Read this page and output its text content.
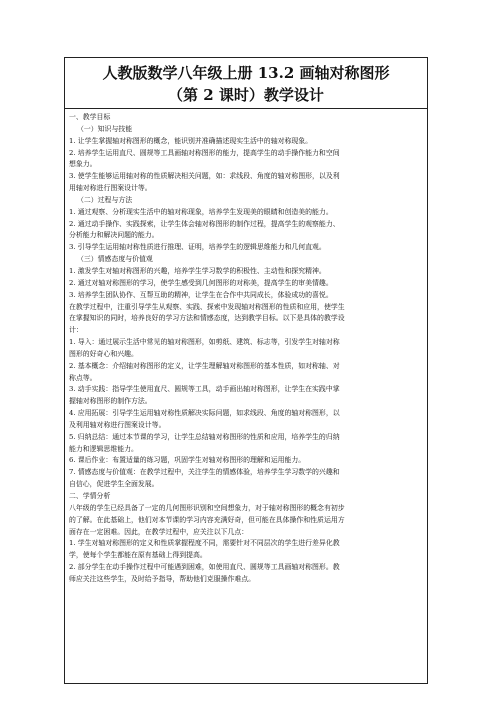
人教版数学八年级上册 13.2 画轴对称图形
（第 2 课时）教学设计
一、教学目标
（一）知识与技能
1. 让学生掌握轴对称图形的概念，能识别并准确描述现实生活中的轴对称现象。
2. 培养学生运用直尺、圆规等工具画轴对称图形的能力，提高学生的动手操作能力和空间
想象力。
3. 使学生能够运用轴对称的性质解决相关问题，如：求线段、角度的轴对称图形，以及利
用轴对称进行图案设计等。
（二）过程与方法
1. 通过观察、分析现实生活中的轴对称现象，培养学生发现美的眼睛和创造美的能力。
2. 通过动手操作、实践探索，让学生体会轴对称图形的制作过程，提高学生的观察能力、
分析能力和解决问题的能力。
3. 引导学生运用轴对称性质进行推理、证明，培养学生的逻辑思维能力和几何直观。
（三）情感态度与价值观
1. 激发学生对轴对称图形的兴趣，培养学生学习数学的积极性、主动性和探究精神。
2. 通过对轴对称图形的学习，使学生感受到几何图形的对称美，提高学生的审美情趣。
3. 培养学生团队协作、互帮互助的精神，让学生在合作中共同成长，体验成功的喜悦。
在教学过程中，注重引导学生从观察、实践、探索中发现轴对称图形的性质和应用，使学生
在掌握知识的同时，培养良好的学习方法和情感态度，达到教学目标。以下是具体的教学设
计：
1. 导入：通过展示生活中常见的轴对称图形，如剪纸、建筑、标志等，引发学生对轴对称
图形的好奇心和兴趣。
2. 基本概念：介绍轴对称图形的定义，让学生理解轴对称图形的基本性质，如对称轴、对
称点等。
3. 动手实践：指导学生使用直尺、圆规等工具，动手画出轴对称图形，让学生在实践中掌
握轴对称图形的制作方法。
4. 应用拓展：引导学生运用轴对称性质解决实际问题，如求线段、角度的轴对称图形，以
及利用轴对称进行图案设计等。
5. 归纳总结：通过本节课的学习，让学生总结轴对称图形的性质和应用，培养学生的归纳
能力和逻辑思维能力。
6. 课后作业：布置适量的练习题，巩固学生对轴对称图形的理解和运用能力。
7. 情感态度与价值观：在教学过程中，关注学生的情感体验，培养学生学习数学的兴趣和
自信心，促进学生全面发展。
二、学情分析
八年级的学生已经具备了一定的几何图形识别和空间想象力，对于轴对称图形的概念有初步
的了解。在此基础上，他们对本节课的学习内容充满好奇，但可能在具体操作和性质运用方
面存在一定困难。因此，在教学过程中，应关注以下几点：
1. 学生对轴对称图形的定义和性质掌握程度不同，需要针对不同层次的学生进行差异化教
学，使每个学生都能在原有基础上得到提高。
2. 部分学生在动手操作过程中可能遇到困难，如使用直尺、圆规等工具画轴对称图形。教
师应关注这些学生，及时给予指导，帮助他们克服操作难点。
